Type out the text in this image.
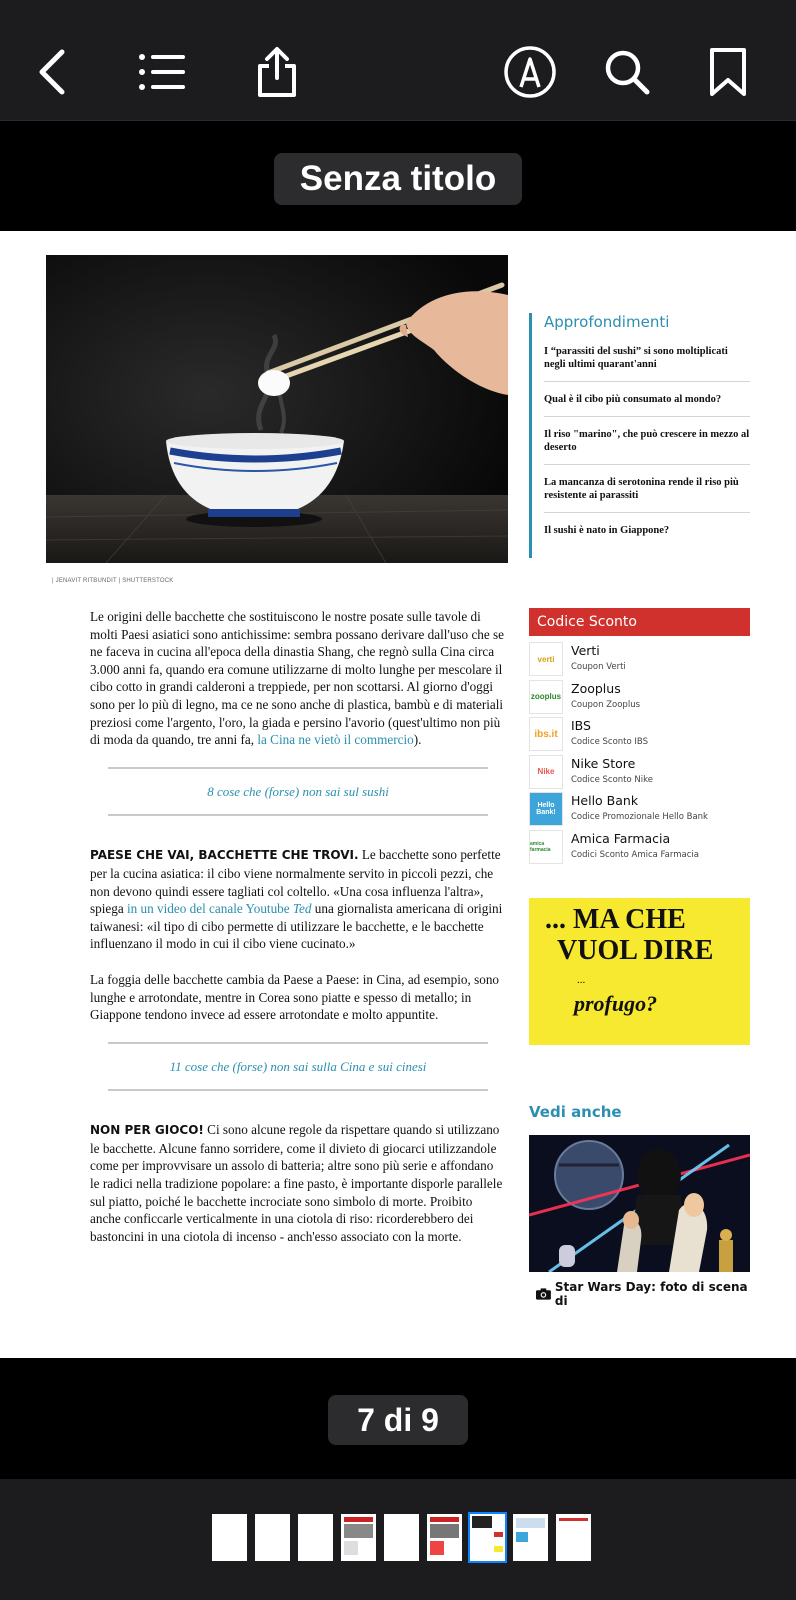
Senza titolo
| JENAVIT RITBUNDIT | SHUTTERSTOCK

Le origini delle bacchette che sostituiscono le nostre posate sulle tavole di molti Paesi asiatici sono antichissime: sembra possano derivare dall'uso che se ne faceva in cucina all'epoca della dinastia Shang, che regnò sulla Cina circa 3.000 anni fa, quando era comune utilizzarne di molto lunghe per mescolare il cibo cotto in grandi calderoni a treppiede, per non scottarsi. Al giorno d'oggi sono per lo più di legno, ma ce ne sono anche di plastica, bambù e di materiali preziosi come l'argento, l'oro, la giada e persino l'avorio (quest'ultimo non più di moda da quando, tre anni fa, la Cina ne vietò il commercio).

8 cose che (forse) non sai sul sushi

PAESE CHE VAI, BACCHETTE CHE TROVI. Le bacchette sono perfette per la cucina asiatica: il cibo viene normalmente servito in piccoli pezzi, che non devono quindi essere tagliati col coltello. «Una cosa influenza l'altra», spiega in un video del canale Youtube Ted una giornalista americana di origini taiwanesi: «il tipo di cibo permette di utilizzare le bacchette, e le bacchette influenzano il modo in cui il cibo viene cucinato.»

La foggia delle bacchette cambia da Paese a Paese: in Cina, ad esempio, sono lunghe e arrotondate, mentre in Corea sono piatte e spesso di metallo; in Giappone tendono invece ad essere arrotondate e molto appuntite.

11 cose che (forse) non sai sulla Cina e sui cinesi

NON PER GIOCO! Ci sono alcune regole da rispettare quando si utilizzano le bacchette. Alcune fanno sorridere, come il divieto di giocarci utilizzandole come per improvvisare un assolo di batteria; altre sono più serie e affondano le radici nella tradizione popolare: a fine pasto, è importante disporle parallele sul piatto, poiché le bacchette incrociate sono simbolo di morte. Proibito anche conficcarle verticalmente in una ciotola di riso: ricorderebbero dei bastoncini in una ciotola di incenso - anch'esso associato con la morte.

Approfondimenti
I “parassiti del sushi” si sono moltiplicati negli ultimi quarant'anni
Qual è il cibo più consumato al mondo?
Il riso "marino", che può crescere in mezzo al deserto
La mancanza di serotonina rende il riso più resistente ai parassiti
Il sushi è nato in Giappone?
Codice Sconto
verti
Verti
Coupon Verti
zooplus
Zooplus
Coupon Zooplus
ibs.it
IBS
Codice Sconto IBS
Nike
Nike Store
Codice Sconto Nike
Hello Bank!
Hello Bank
Codice Promozionale Hello Bank
amica farmacia
Amica Farmacia
Codici Sconto Amica Farmacia
... MA CHE
VUOL DIRE
...
profugo?
Vedi anche
Star Wars Day: foto di scena di
7 di 9
